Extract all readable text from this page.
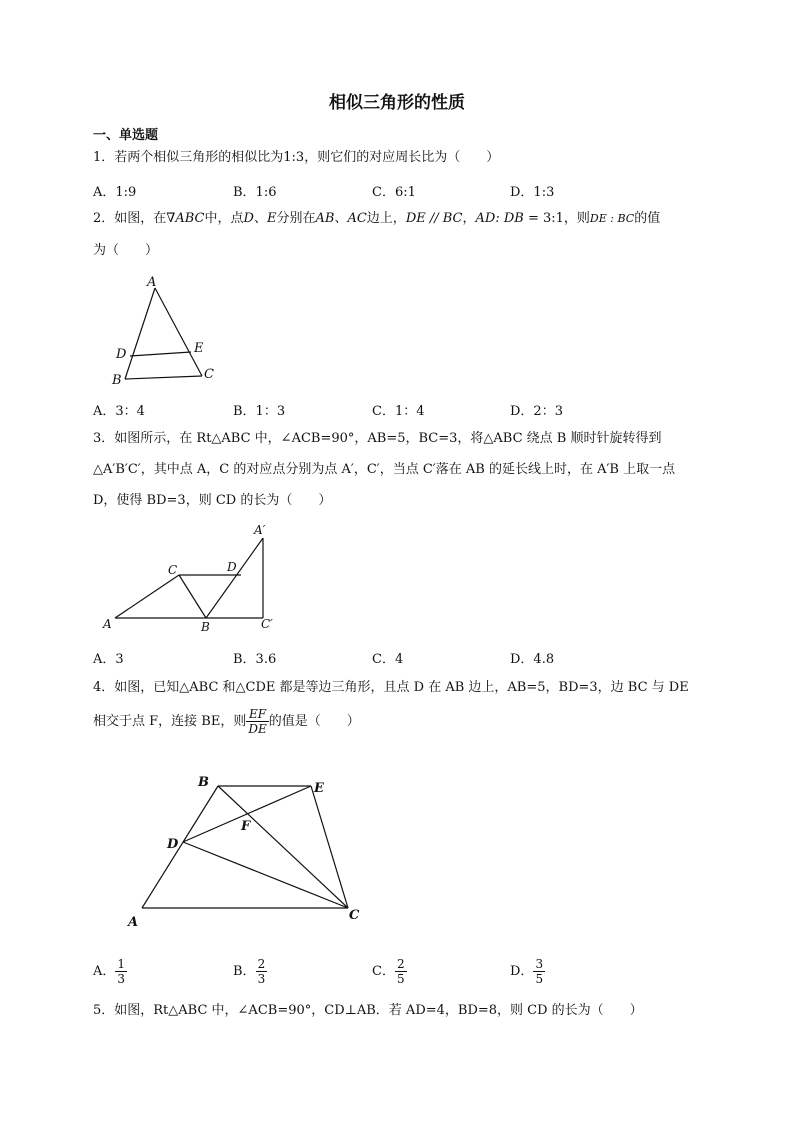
相似三角形的性质
一、单选题
1．若两个相似三角形的相似比为1:3，则它们的对应周长比为（　　）
A．1:9	B．1:6	C．6:1	D．1:3
2．如图，在∇ABC中，点D、E分别在AB、AC边上，DE // BC，AD: DB = 3:1，则DE : BC的值
为（　　）
A
D	E
B	C
A．3：4	B．1：3	C．1：4	D．2：3
3．如图所示，在 Rt△ABC 中，∠ACB=90°，AB=5，BC=3，将△ABC 绕点 B 顺时针旋转得到
△A′B′C′，其中点 A，C 的对应点分别为点 A′，C′，当点 C′落在 AB 的延长线上时，在 A′B 上取一点
D，使得 BD=3，则 CD 的长为（　　）
A
C	D
B
A′
C′
A．3	B．3.6	C．4	D．4.8
4．如图，已知△ABC 和△CDE 都是等边三角形，且点 D 在 AB 边上，AB=5，BD=3，边 BC 与 DE
相交于点 F，连接 BE，则 $\frac{EF}{DE}$ 的值是（　　）
B	E
F
D
A	C
A． $\frac{1}{3}$	B． $\frac{2}{3}$	C． $\frac{2}{5}$	D． $\frac{3}{5}$
5．如图，Rt△ABC 中，∠ACB=90°，CD⊥AB．若 AD=4，BD=8，则 CD 的长为（　　）
